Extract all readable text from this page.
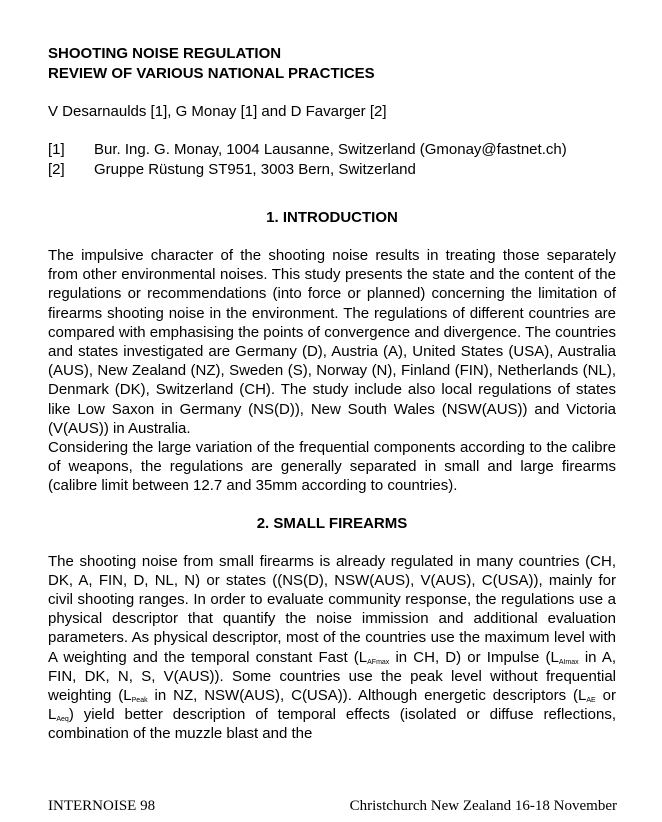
SHOOTING NOISE REGULATION
REVIEW OF VARIOUS NATIONAL PRACTICES
V Desarnaulds [1], G Monay [1] and D Favarger [2]
[1]	Bur. Ing. G. Monay, 1004 Lausanne, Switzerland (Gmonay@fastnet.ch)
[2]	Gruppe Rüstung ST951, 3003 Bern, Switzerland
1. INTRODUCTION

The impulsive character of the shooting noise results in treating those separately from other environmental noises. This study presents the state and the content of the regulations or recommendations (into force or planned) concerning the limitation of firearms shooting noise in the environment. The regulations of different countries are compared with emphasising the points of convergence and divergence. The countries and states investigated are Germany (D), Austria (A), United States (USA), Australia (AUS), New Zealand (NZ), Sweden (S), Norway (N), Finland (FIN), Netherlands (NL), Denmark (DK), Switzerland (CH). The study include also local regulations of states like Low Saxon in Germany (NS(D)), New South Wales (NSW(AUS)) and Victoria (V(AUS)) in Australia.

Considering the large variation of the frequential components according to the calibre of weapons, the regulations are generally separated in small and large firearms (calibre limit between 12.7 and 35mm according to countries).

2. SMALL FIREARMS

The shooting noise from small firearms is already regulated in many countries (CH, DK, A, FIN, D, NL, N) or states ((NS(D), NSW(AUS), V(AUS), C(USA)), mainly for civil shooting ranges. In order to evaluate community response, the regulations use a physical descriptor that quantify the noise immission and additional evaluation parameters. As physical descriptor, most of the countries use the maximum level with A weighting and the temporal constant Fast ($L_{AFmax}$ in CH, D) or Impulse ($L_{AImax}$ in A, FIN, DK, N, S, V(AUS)). Some countries use the peak level without frequential weighting ($L_{Peak}$ in NZ, NSW(AUS), C(USA)). Although energetic descriptors ($L_{AE}$ or $L_{Aeq}$) yield better description of temporal effects (isolated or diffuse reflections, combination of the muzzle blast and the

INTERNOISE 98	Christchurch New Zealand 16-18 November
